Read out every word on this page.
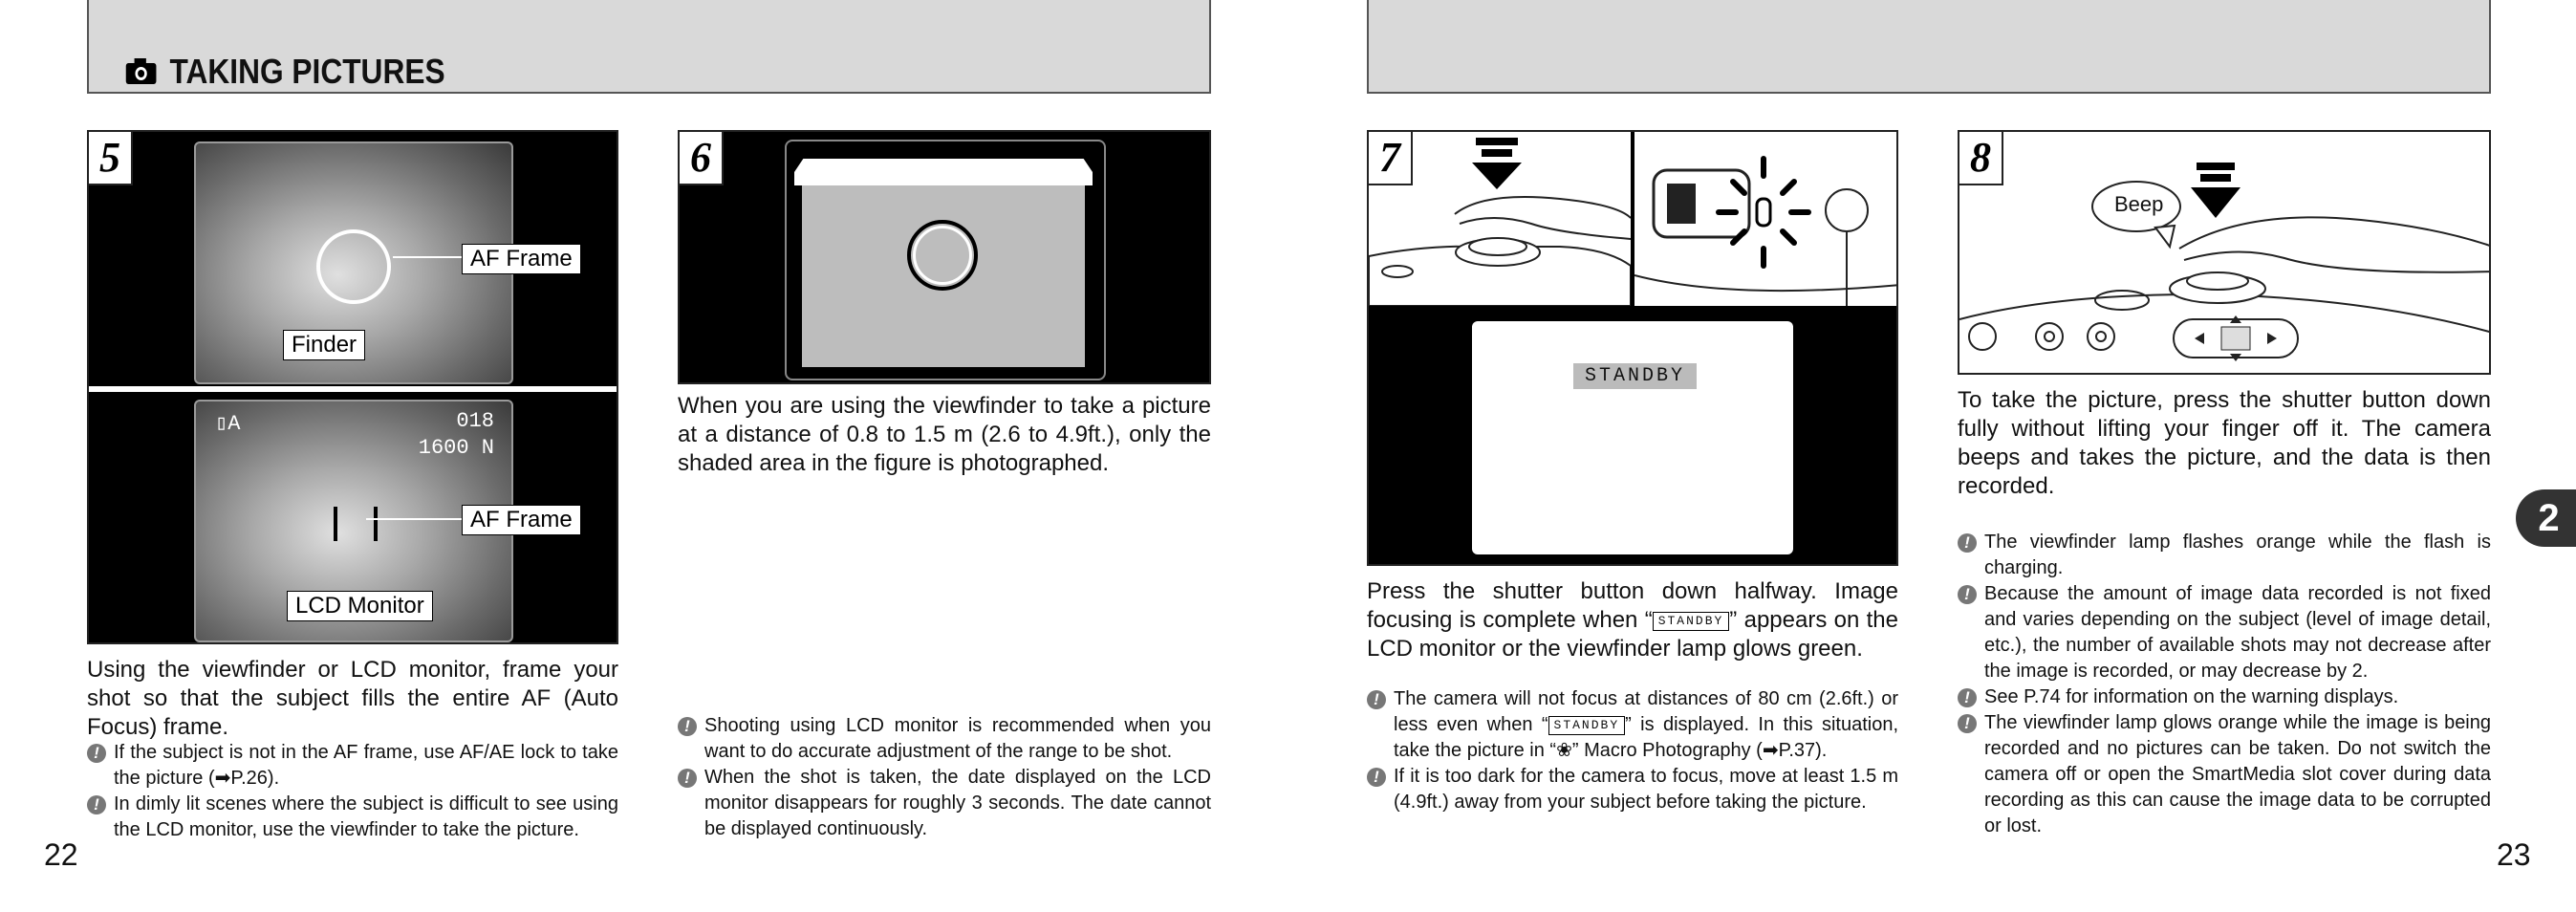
TAKING PICTURES
AF Frame
Finder
▯A	018
1600 N
AF Frame
LCD Monitor
5
Using the viewfinder or LCD monitor, frame your shot so that the subject fills the entire AF (Auto Focus) frame.

! If the subject is not in the AF frame, use AF/AE lock to take the picture (➡P.26).

! In dimly lit scenes where the subject is difficult to see using the LCD monitor, use the viewfinder to take the picture.

6
When you are using the viewfinder to take a picture at a distance of 0.8 to 1.5 m (2.6 to 4.9ft.), only the shaded area in the figure is photographed.

! Shooting using LCD monitor is recommended when you want to do accurate adjustment of the range to be shot.

! When the shot is taken, the date displayed on the LCD monitor disappears for roughly 3 seconds. The date cannot be displayed continuously.

22
STANDBY
7
Press the shutter button down halfway. Image focusing is complete when “ STANDBY ” appears on the LCD monitor or the viewfinder lamp glows green.

! The camera will not focus at distances of 80 cm (2.6ft.) or less even when “ STANDBY ” is displayed. In this situation, take the picture in “❀” Macro Photography (➡P.37).

! If it is too dark for the camera to focus, move at least 1.5 m (4.9ft.) away from your subject before taking the picture.

Beep
8
To take the picture, press the shutter button down fully without lifting your finger off it. The camera beeps and takes the picture, and the data is then recorded.

! The viewfinder lamp flashes orange while the flash is charging.

! Because the amount of image data recorded is not fixed and varies depending on the subject (level of image detail, etc.), the number of available shots may not decrease after the image is recorded, or may decrease by 2.

! See P.74 for information on the warning displays.

! The viewfinder lamp glows orange while the image is being recorded and no pictures can be taken. Do not switch the camera off or open the SmartMedia slot cover during data recording as this can cause the image data to be corrupted or lost.

23
2
